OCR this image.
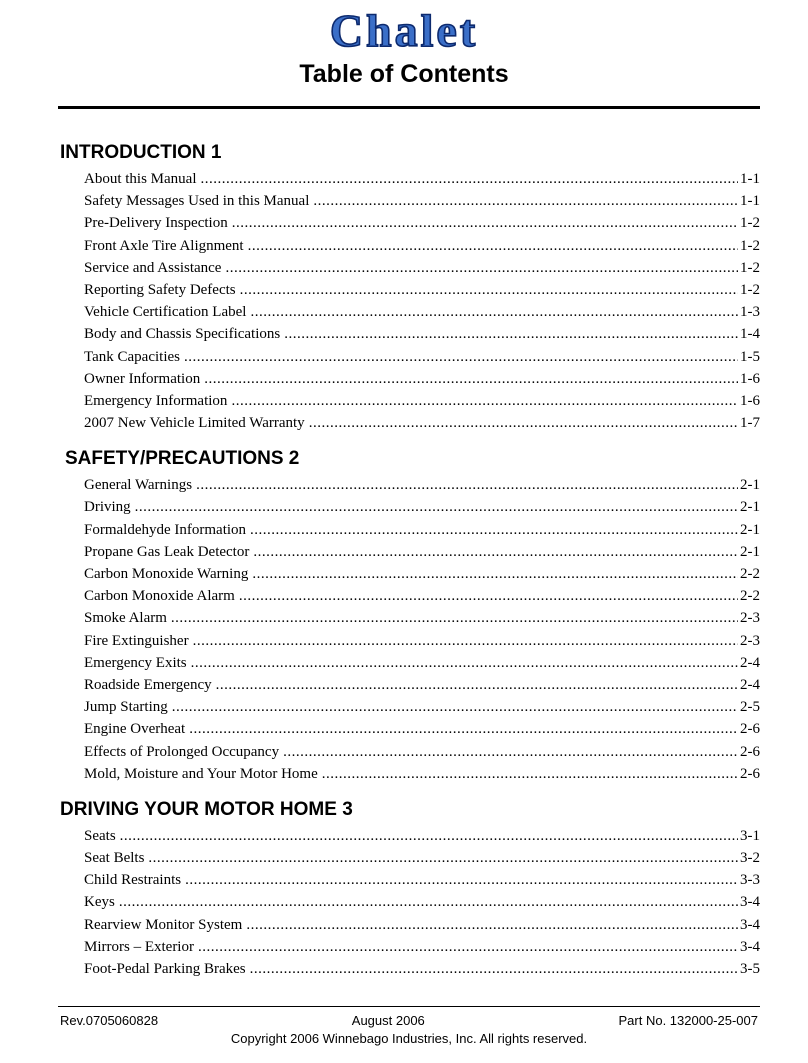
Chalet
Table of Contents
INTRODUCTION 1
About this Manual .....	1-1
Safety Messages Used in this Manual .....	1-1
Pre-Delivery Inspection .....	1-2
Front Axle Tire Alignment .....	1-2
Service and Assistance .....	1-2
Reporting Safety Defects .....	1-2
Vehicle Certification Label .....	1-3
Body and Chassis Specifications .....	1-4
Tank Capacities .....	1-5
Owner Information .....	1-6
Emergency Information .....	1-6
2007 New Vehicle Limited Warranty .....	1-7
SAFETY/PRECAUTIONS 2
General Warnings .....	2-1
Driving .....	2-1
Formaldehyde Information .....	2-1
Propane Gas Leak Detector .....	2-1
Carbon Monoxide Warning .....	2-2
Carbon Monoxide Alarm .....	2-2
Smoke Alarm .....	2-3
Fire Extinguisher .....	2-3
Emergency Exits .....	2-4
Roadside Emergency .....	2-4
Jump Starting .....	2-5
Engine Overheat .....	2-6
Effects of Prolonged Occupancy .....	2-6
Mold, Moisture and Your Motor Home .....	2-6
DRIVING YOUR MOTOR HOME 3
Seats .....	3-1
Seat Belts .....	3-2
Child Restraints .....	3-3
Keys .....	3-4
Rearview Monitor System .....	3-4
Mirrors – Exterior .....	3-4
Foot-Pedal Parking Brakes .....	3-5
Rev.0705060828	August 2006	Part No. 132000-25-007
Copyright 2006 Winnebago Industries, Inc. All rights reserved.
